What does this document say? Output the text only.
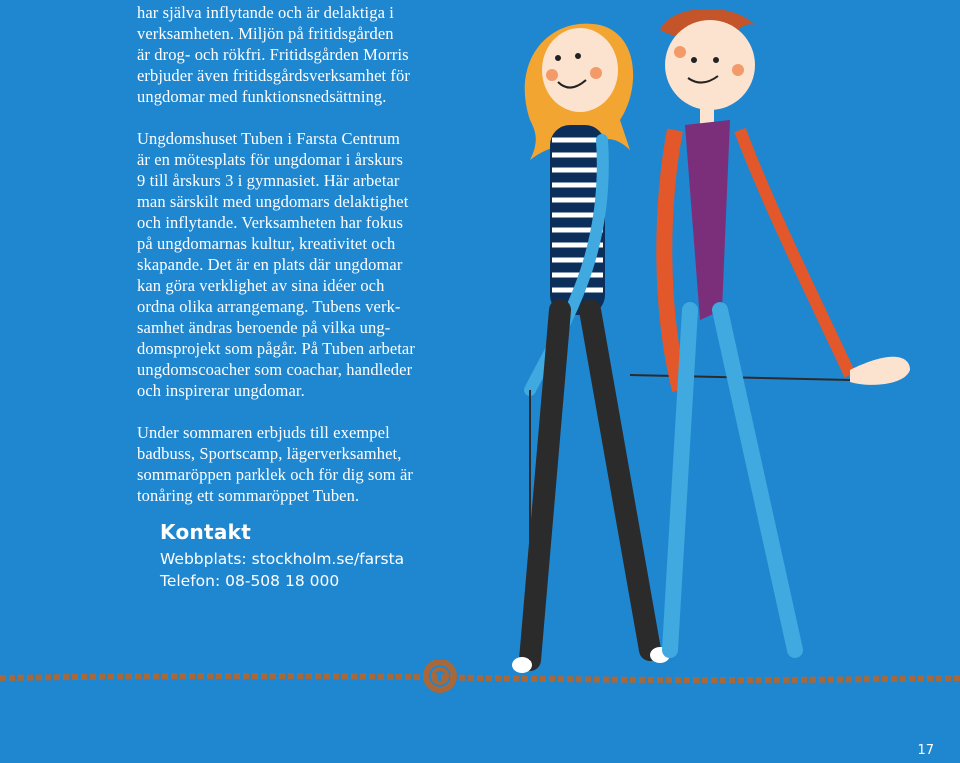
har själva inflytande och är delaktiga i
verksamheten. Miljön på fritidsgården
är drog- och rökfri. Fritidsgården Morris
erbjuder även fritidsgårdsverksamhet för
ungdomar med funktionsnedsättning.

Ungdomshuset Tuben i Farsta Centrum
är en mötesplats för ungdomar i årskurs
9 till årskurs 3 i gymnasiet. Här arbetar
man särskilt med ungdomars delaktighet
och inflytande. Verksamheten har fokus
på ungdomarnas kultur, kreativitet och
skapande. Det är en plats där ungdomar
kan göra verklighet av sina idéer och
ordna olika arrangemang. Tubens verk-
samhet ändras beroende på vilka ung-
domsprojekt som pågår. På Tuben arbetar
ungdomscoacher som coachar, handleder
och inspirerar ungdomar.

Under sommaren erbjuds till exempel
badbuss, Sportscamp, lägerverksamhet,
sommaröppen parklek och för dig som är
tonåring ett sommaröppet Tuben.

Kontakt
Webbplats: stockholm.se/farsta
Telefon: 08-508 18 000
17
